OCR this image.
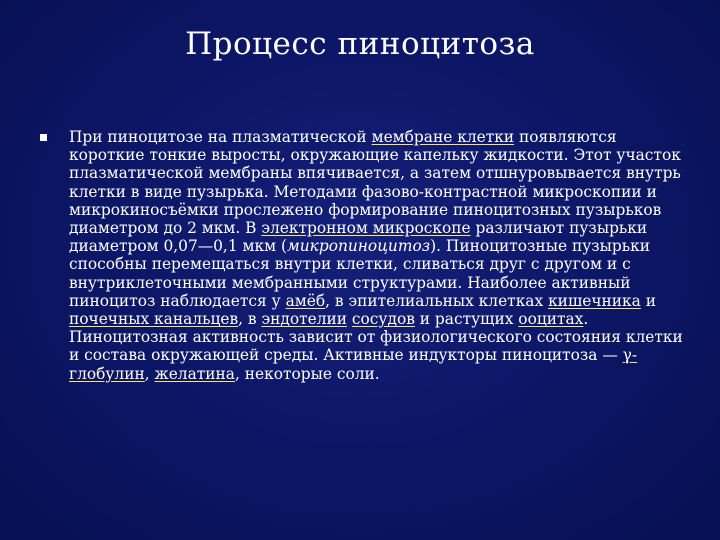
Процесс пиноцитоза

При пиноцитозе на плазматической мембране клетки появляются короткие тонкие выросты, окружающие капельку жидкости. Этот участок плазматической мембраны впячивается, а затем отшнуровывается внутрь клетки в виде пузырька. Методами фазово-контрастной микроскопии и микрокиносъёмки прослежено формирование пиноцитозных пузырьков диаметром до 2 мкм. В электронном микроскопе различают пузырьки диаметром 0,07—0,1 мкм (микропиноцитоз). Пиноцитозные пузырьки способны перемещаться внутри клетки, сливаться друг с другом и с внутриклеточными мембранными структурами. Наиболее активный пиноцитоз наблюдается у амёб, в эпителиальных клетках кишечника и почечных канальцев, в эндотелии сосудов и растущих ооцитах. Пиноцитозная активность зависит от физиологического состояния клетки и состава окружающей среды. Активные индукторы пиноцитоза — γ-глобулин, желатина, некоторые соли.
